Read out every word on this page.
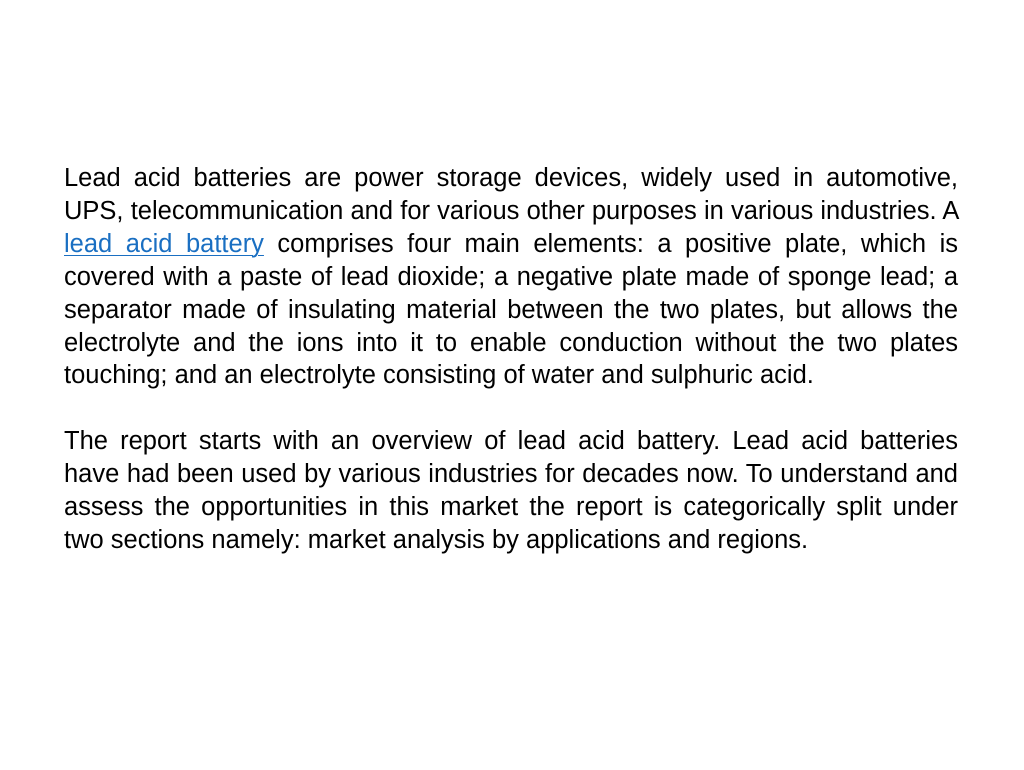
Lead acid batteries are power storage devices, widely used in automotive, UPS, telecommunication and for various other purposes in various industries. A lead acid battery comprises four main elements: a positive plate, which is covered with a paste of lead dioxide; a negative plate made of sponge lead; a separator made of insulating material between the two plates, but allows the electrolyte and the ions into it to enable conduction without the two plates touching; and an electrolyte consisting of water and sulphuric acid.

The report starts with an overview of lead acid battery. Lead acid batteries have had been used by various industries for decades now. To understand and assess the opportunities in this market the report is categorically split under two sections namely: market analysis by applications and regions.
